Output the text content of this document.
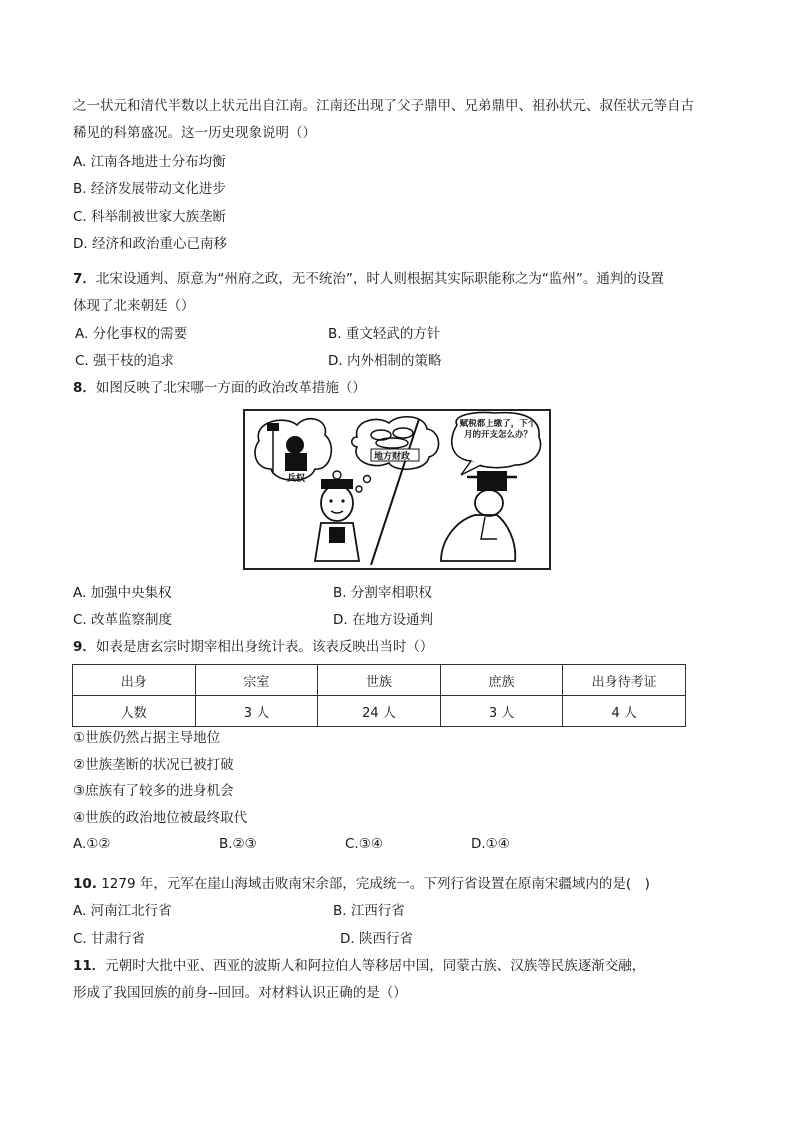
之一状元和清代半数以上状元出自江南。江南还出现了父子鼎甲、兄弟鼎甲、祖孙状元、叔侄状元等自古
稀见的科第盛况。这一历史现象说明（）
A. 江南各地进士分布均衡
B. 经济发展带动文化进步
C. 科举制被世家大族垄断
D. 经济和政治重心已南移
7．北宋设通判、原意为“州府之政，无不统治”，时人则根据其实际职能称之为“监州”。通判的设置
体现了北来朝廷（）
A. 分化事权的需要	B. 重文轻武的方针
C. 强干枝的追求	D. 内外相制的策略
8．如图反映了北宋哪一方面的政治改革措施（）
兵权
地方财政
赋税都上缴了，下个月的开支怎么办？
A. 加强中央集权	B. 分割宰相职权
C. 改革监察制度	D. 在地方设通判
9．如表是唐玄宗时期宰相出身统计表。该表反映出当时（）
出身	宗室	世族	庶族	出身待考证
人数	3 人	24 人	3 人	4 人
①世族仍然占据主导地位
②世族垄断的状况已被打破
③庶族有了较多的进身机会
④世族的政治地位被最终取代
A.①②	B.②③	C.③④	D.①④
10. 1279 年，元军在崖山海域击败南宋余部，完成统一。下列行省设置在原南宋疆域内的是(　)
A. 河南江北行省	B. 江西行省
C. 甘肃行省	D. 陕西行省
11．元朝时大批中亚、西亚的波斯人和阿拉伯人等移居中国，同蒙古族、汉族等民族逐渐交融，
形成了我国回族的前身--回回。对材料认识正确的是（）
